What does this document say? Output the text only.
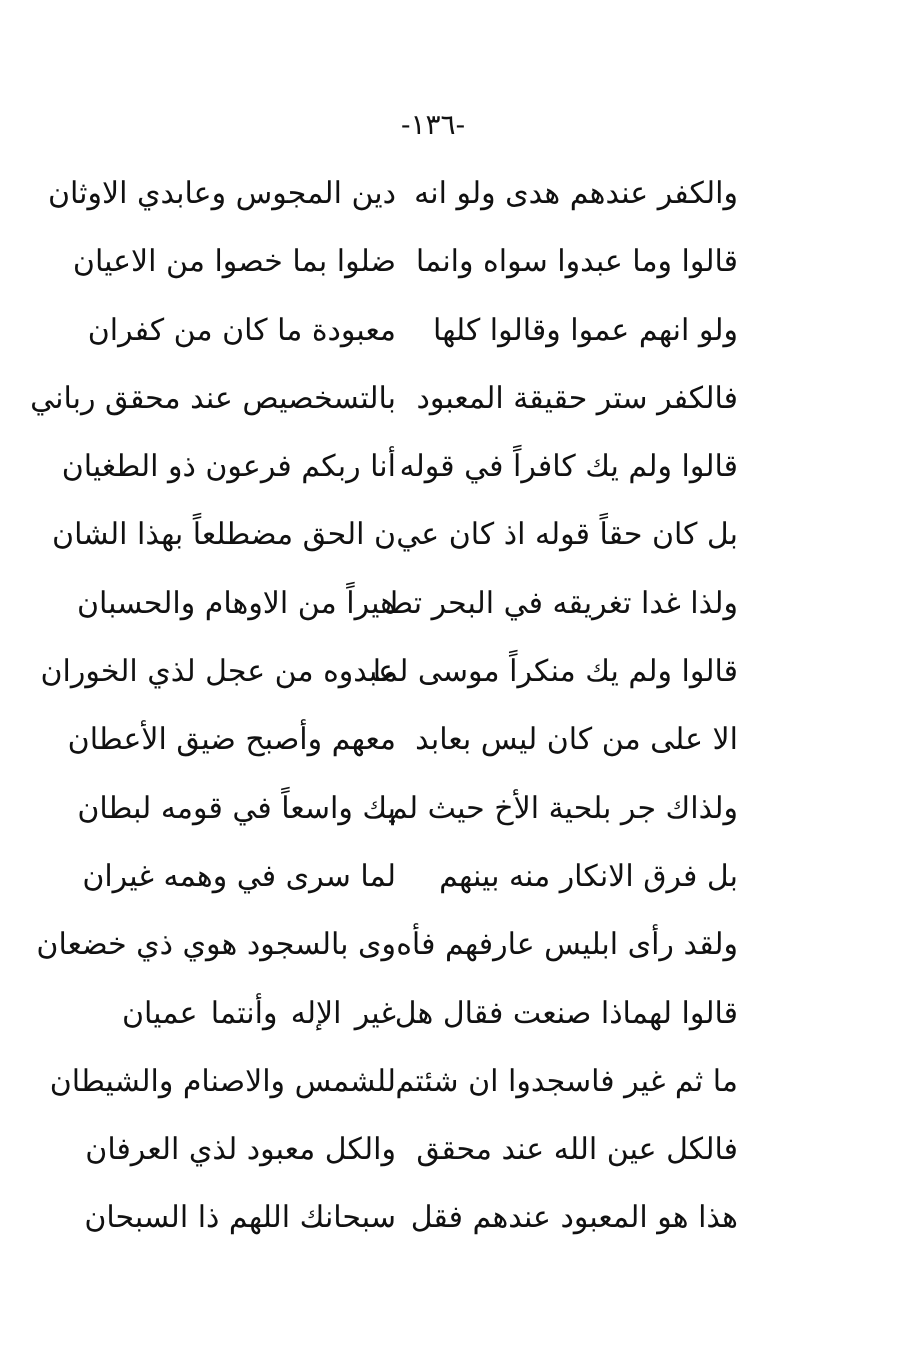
-١٣٦-
والكفر عندهم هدى ولو انه
دين المجوس وعابدي الاوثان
قالوا وما عبدوا سواه وانما
ضلوا بما خصوا من الاعيان
ولو انهم عموا وقالوا كلها
معبودة ما كان من كفران
فالكفر ستر حقيقة المعبود
بالتسخصيص عند محقق رباني
قالوا ولم يك كافراً في قوله
أنا ربكم فرعون ذو الطغيان
بل كان حقاً قوله اذ كان عي
ن الحق مضطلعاً بهذا الشان
ولذا غدا تغريقه في البحر تط
هيراً من الاوهام والحسبان
قالوا ولم يك منكراً موسى لما
عبدوه من عجل لذي الخوران
الا على من كان ليس بعابد
معهم وأصبح ضيق الأعطان
ولذاك جر بلحية الأخ حيث لم
يك واسعاً في قومه لبطان
بل فرق الانكار منه بينهم
لما سرى في وهمه غيران
ولقد رأى ابليس عارفهم فأه
وى بالسجود هوي ذي خضعان
قالوا لهماذا صنعت فقال هل
غير الإله وأنتما عميان
ما ثم غير فاسجدوا ان شئتم
للشمس والاصنام والشيطان
فالكل عين الله عند محقق
والكل معبود لذي العرفان
هذا هو المعبود عندهم فقل
سبحانك اللهم ذا السبحان
